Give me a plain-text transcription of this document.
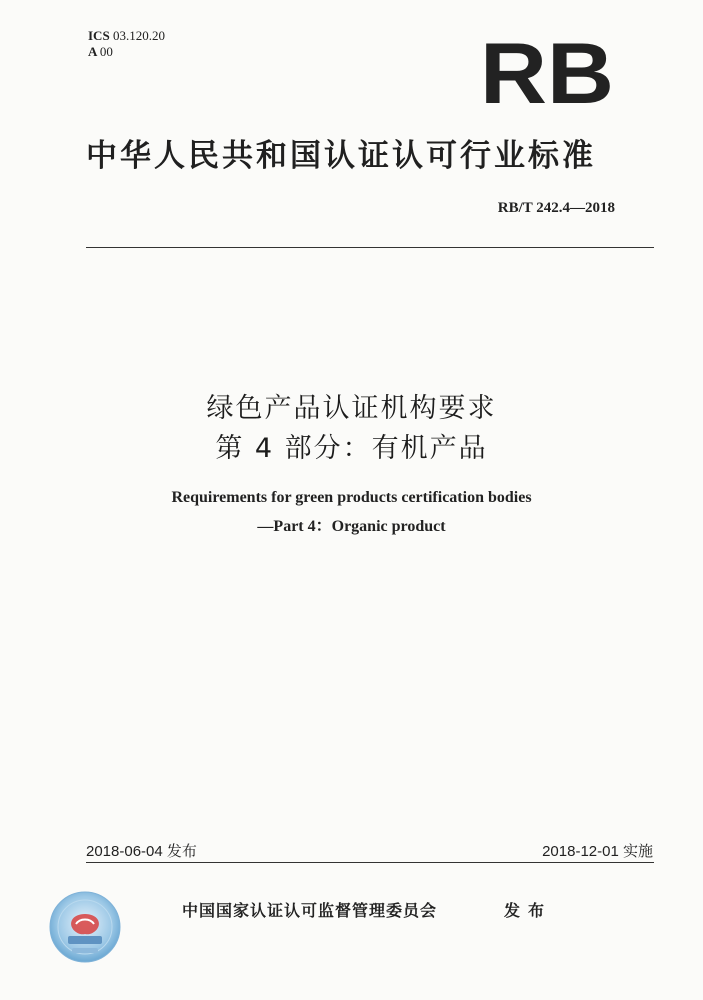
ICS 03.120.20
A 00	RB
中华人民共和国认证认可行业标准
RB/T 242.4—2018
绿色产品认证机构要求
第 4 部分：有机产品
Requirements for green products certification bodies
—Part 4：Organic product
2018-06-04 发布	2018-12-01 实施
中国国家认证认可监督管理委员会	发布
